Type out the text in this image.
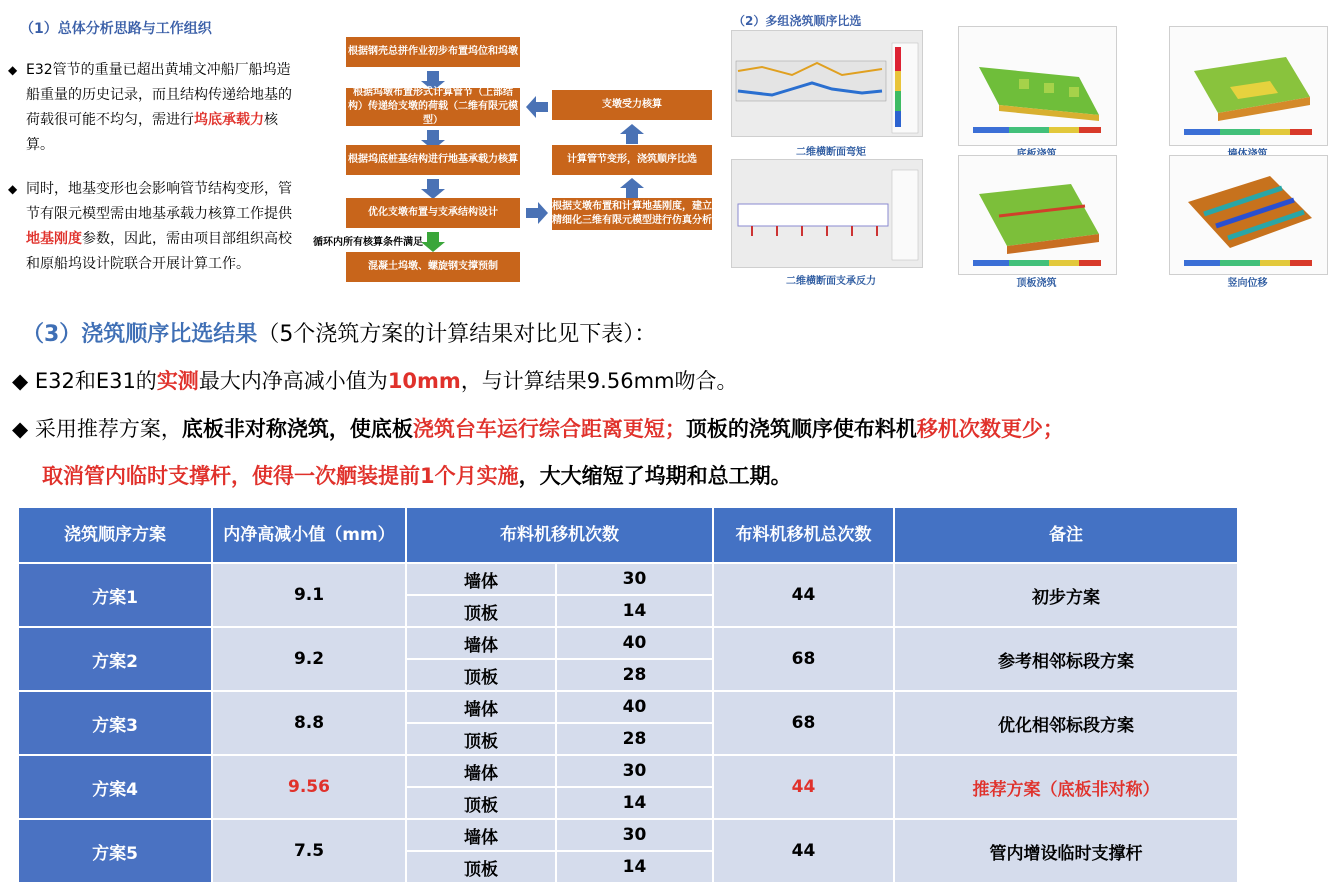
（1）总体分析思路与工作组织
◆ E32管节的重量已超出黄埔文冲船厂船坞造船重量的历史记录，而且结构传递给地基的荷载很可能不均匀，需进行坞底承载力核算。
◆ 同时，地基变形也会影响管节结构变形，管节有限元模型需由地基承载力核算工作提供地基刚度参数，因此，需由项目部组织高校和原船坞设计院联合开展计算工作。
根据钢壳总拼作业初步布置坞位和坞墩
根据坞墩布置形式计算管节（上部结构）传递给支墩的荷载（二维有限元模型）
根据坞底桩基结构进行地基承载力核算
优化支墩布置与支承结构设计
循环内所有核算条件满足
混凝土坞墩、螺旋钢支撑预制
支墩受力核算
计算管节变形，浇筑顺序比选
根据支墩布置和计算地基刚度，建立精细化三维有限元模型进行仿真分析
（2）多组浇筑顺序比选
二维横断面弯矩
二维横断面支承反力	顶板浇筑	竖向位移
（3）浇筑顺序比选结果（5个浇筑方案的计算结果对比见下表）：
◆ E32和E31的实测最大内净高减小值为10mm，与计算结果9.56mm吻合。
◆ 采用推荐方案，底板非对称浇筑，使底板浇筑台车运行综合距离更短；顶板的浇筑顺序使布料机移机次数更少；
取消管内临时支撑杆，使得一次舾装提前1个月实施，大大缩短了坞期和总工期。
浇筑顺序方案	内净高减小值（mm）	布料机移机次数		布料机移机总次数	备注
方案1	9.1	墙体	30	44	初步方案
		顶板	14		
方案2	9.2	墙体	40	68	参考相邻标段方案
		顶板	28		
方案3	8.8	墙体	40	68	优化相邻标段方案
		顶板	28		
方案4	9.56	墙体	30	44	推荐方案（底板非对称）
		顶板	14		
方案5	7.5	墙体	30	44	管内增设临时支撑杆
		顶板	14		
